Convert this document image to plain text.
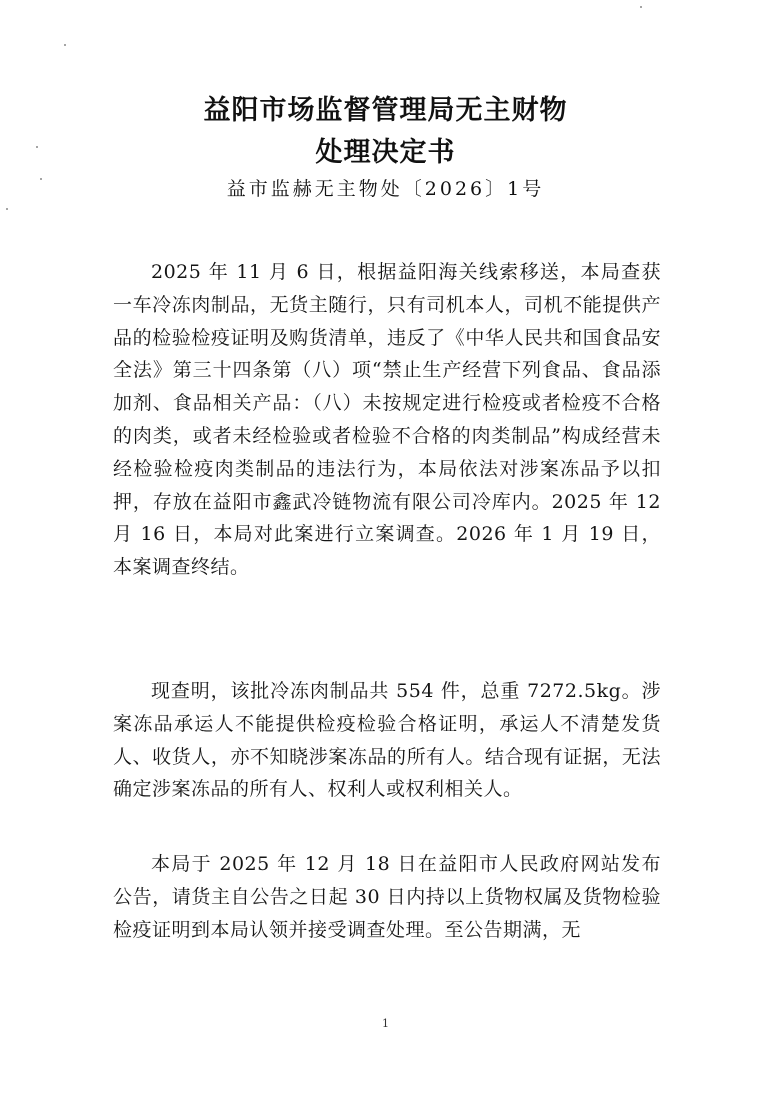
益阳市场监督管理局无主财物
处理决定书
益市监赫无主物处〔2026〕1号
2025 年 11 月 6 日，根据益阳海关线索移送，本局查获一车冷冻肉制品，无货主随行，只有司机本人，司机不能提供产品的检验检疫证明及购货清单，违反了《中华人民共和国食品安全法》第三十四条第（八）项“禁止生产经营下列食品、食品添加剂、食品相关产品：（八）未按规定进行检疫或者检疫不合格的肉类，或者未经检验或者检验不合格的肉类制品”构成经营未经检验检疫肉类制品的违法行为，本局依法对涉案冻品予以扣押，存放在益阳市鑫武冷链物流有限公司冷库内。2025 年 12 月 16 日，本局对此案进行立案调查。2026 年 1 月 19 日，本案调查终结。
现查明，该批冷冻肉制品共 554 件，总重 7272.5kg。涉案冻品承运人不能提供检疫检验合格证明，承运人不清楚发货人、收货人，亦不知晓涉案冻品的所有人。结合现有证据，无法确定涉案冻品的所有人、权利人或权利相关人。
本局于 2025 年 12 月 18 日在益阳市人民政府网站发布公告，请货主自公告之日起 30 日内持以上货物权属及货物检验检疫证明到本局认领并接受调查处理。至公告期满，无
1
